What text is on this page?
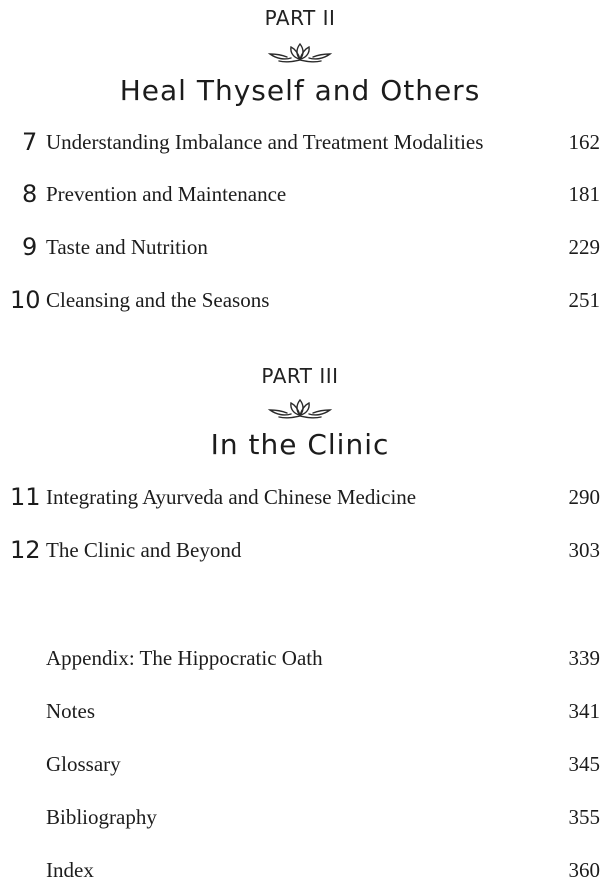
PART II
Heal Thyself and Others
7 Understanding Imbalance and Treatment Modalities	162
8 Prevention and Maintenance	181
9 Taste and Nutrition	229
10 Cleansing and the Seasons	251
PART III
In the Clinic
11 Integrating Ayurveda and Chinese Medicine	290
12 The Clinic and Beyond	303
Appendix: The Hippocratic Oath	339
Notes	341
Glossary	345
Bibliography	355
Index	360
